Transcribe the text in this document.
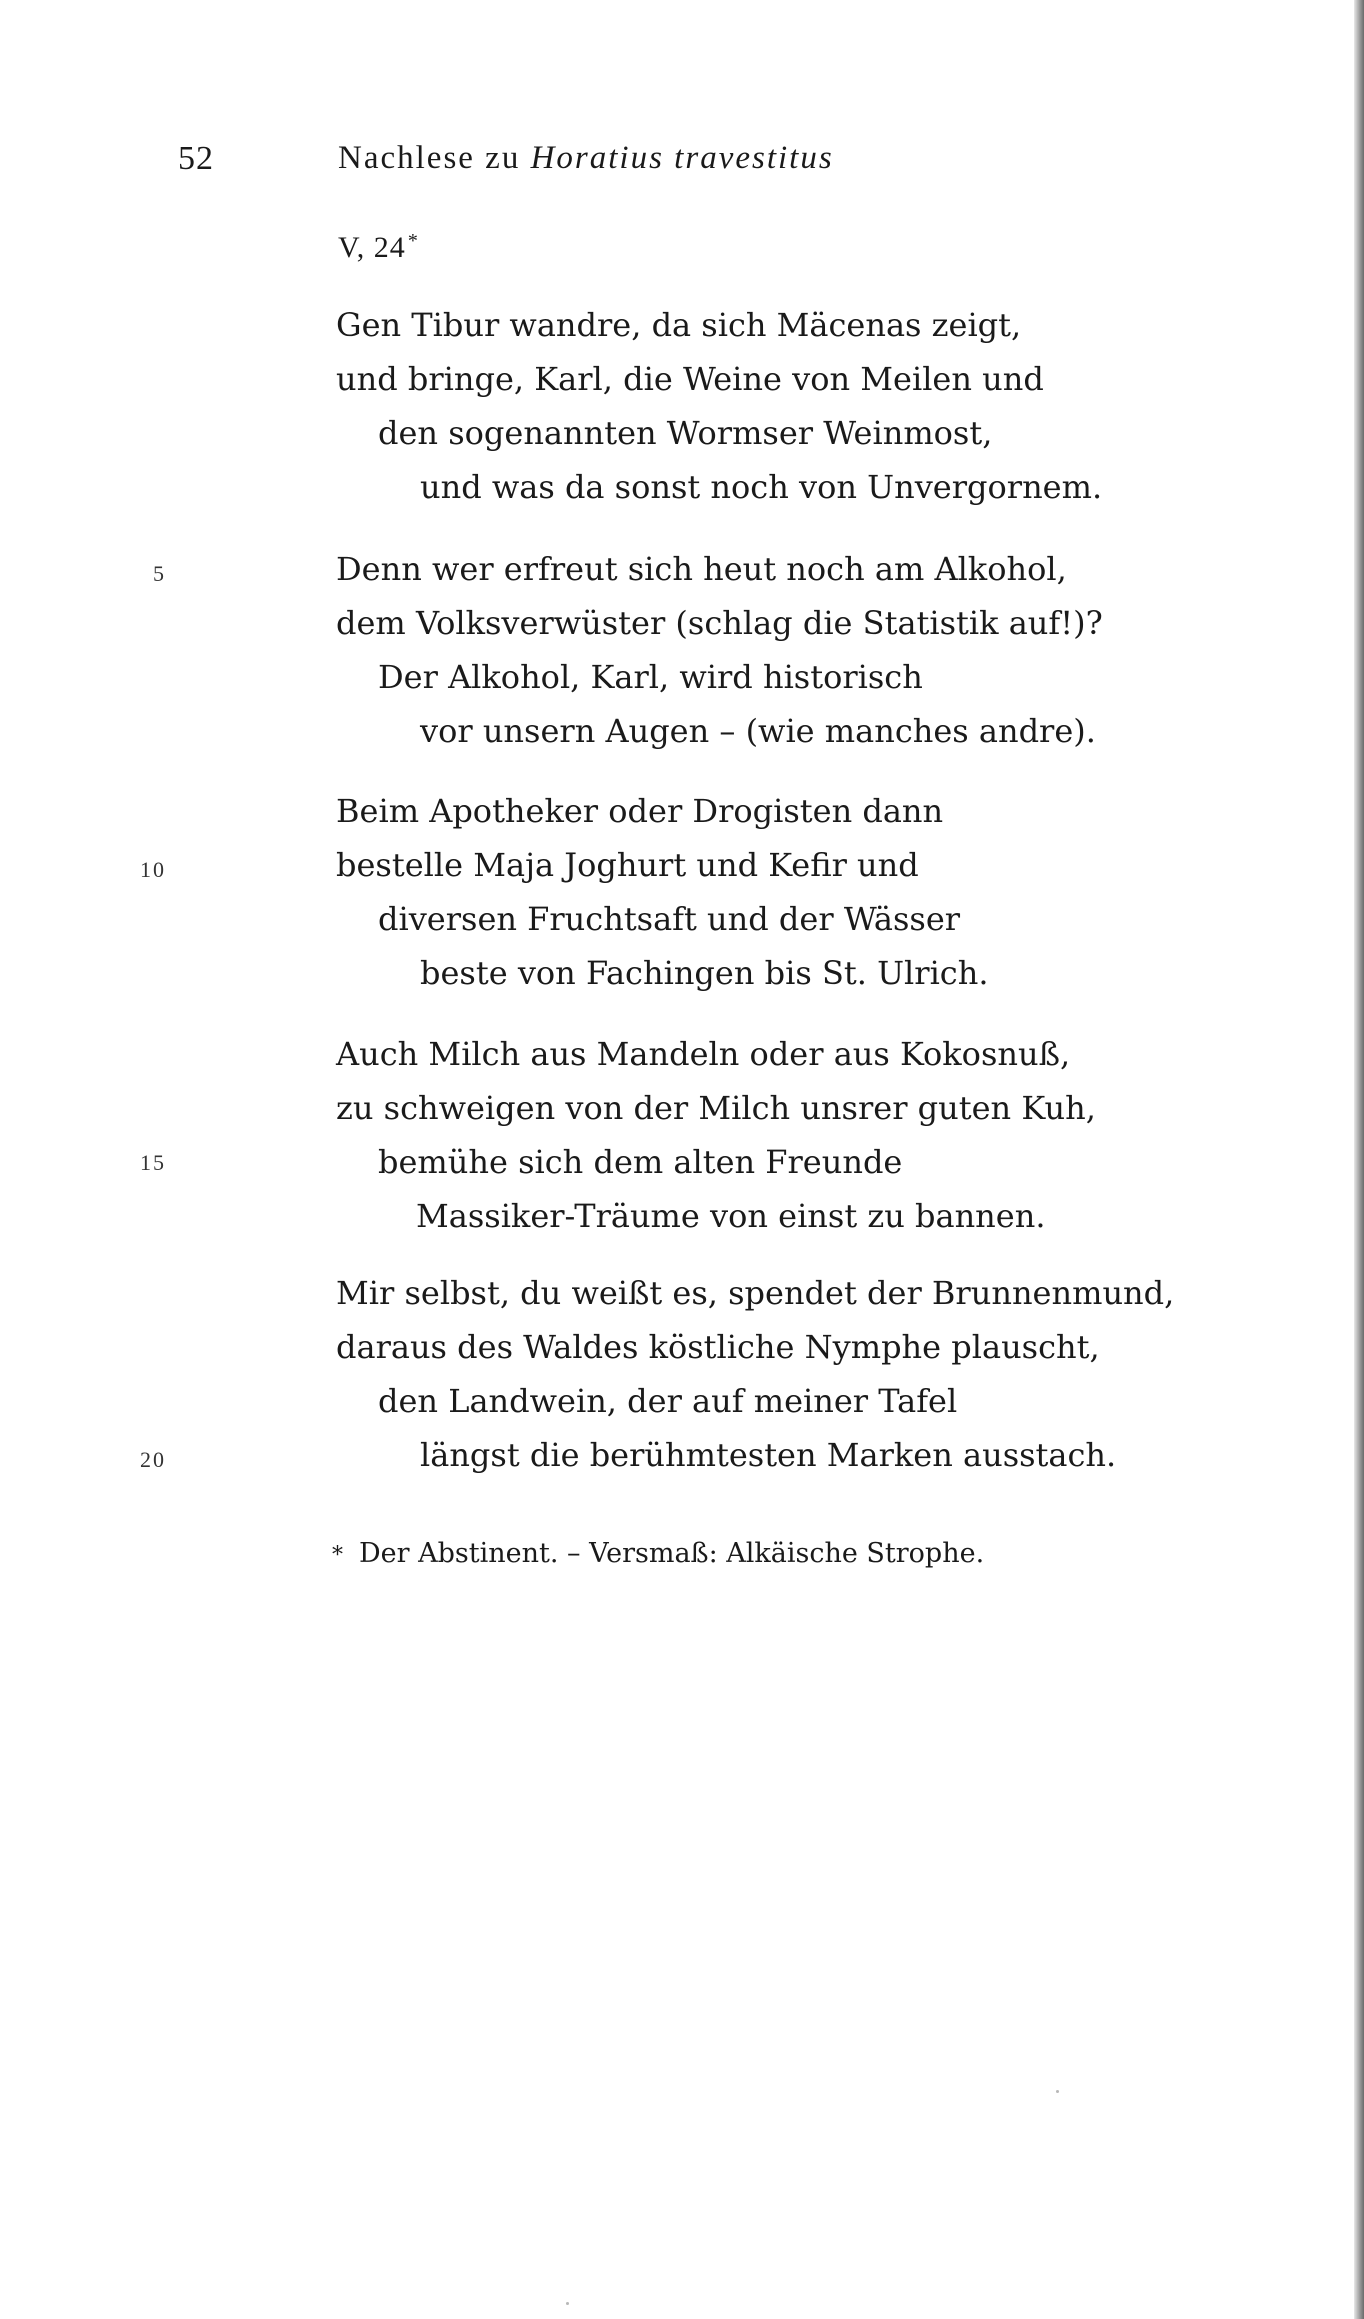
52	Nachlese zu Horatius travestitus
V, 24 *
Gen Tibur wandre, da sich Mäcenas zeigt,
und bringe, Karl, die Weine von Meilen und
den sogenannten Wormser Weinmost,
und was da sonst noch von Unvergornem.
Denn wer erfreut sich heut noch am Alkohol,
dem Volksverwüster (schlag die Statistik auf!)?
Der Alkohol, Karl, wird historisch
vor unsern Augen – (wie manches andre).
Beim Apotheker oder Drogisten dann
bestelle Maja Joghurt und Kefir und
diversen Fruchtsaft und der Wässer
beste von Fachingen bis St. Ulrich.
Auch Milch aus Mandeln oder aus Kokosnuß,
zu schweigen von der Milch unsrer guten Kuh,
bemühe sich dem alten Freunde
Massiker-Träume von einst zu bannen.
Mir selbst, du weißt es, spendet der Brunnenmund,
daraus des Waldes köstliche Nymphe plauscht,
den Landwein, der auf meiner Tafel
längst die berühmtesten Marken ausstach.
5
10
15
20
* Der Abstinent. – Versmaß: Alkäische Strophe.
